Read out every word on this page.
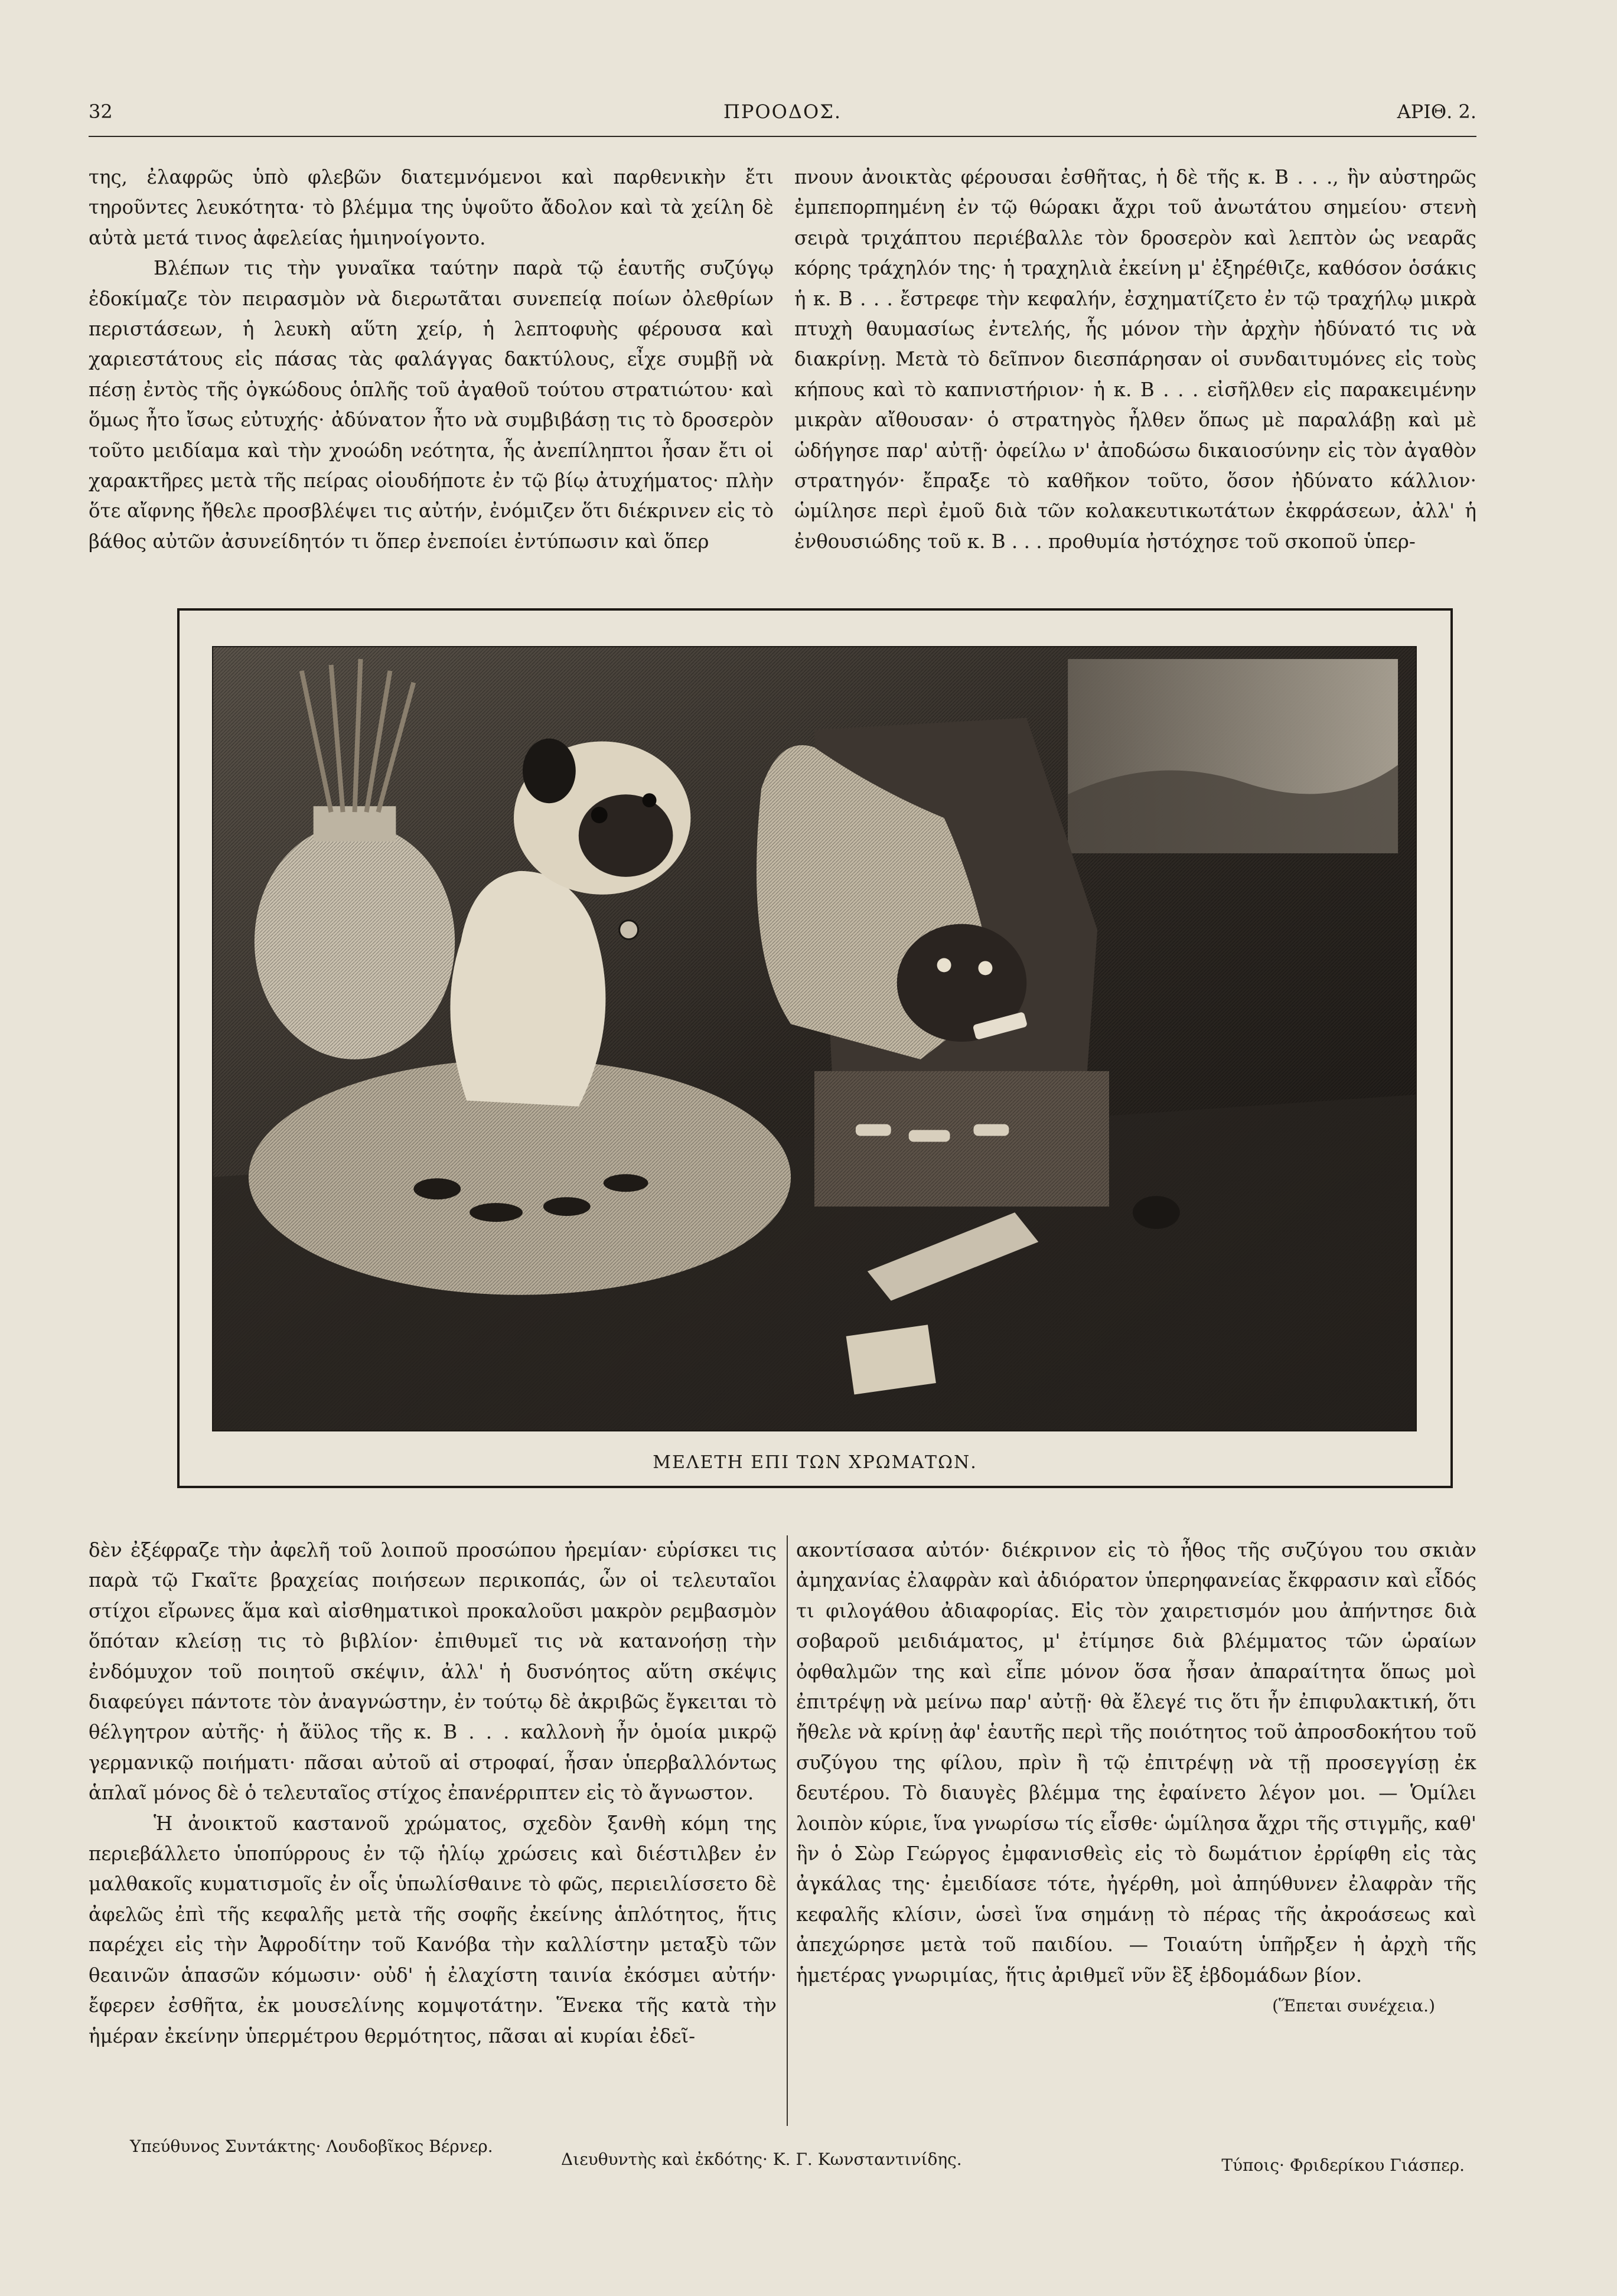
32	ΠΡΟΟΔΟΣ.	ΑΡΙΘ. 2.

της, ἐλαφρῶς ὑπὸ φλεβῶν διατεμνόμενοι καὶ παρθενικὴν ἔτι τηροῦντες λευκότητα· τὸ βλέμμα της ὑψοῦτο ἄδολον καὶ τὰ χείλη δὲ αὐτὰ μετά τινος ἀφελείας ἡμιηνοίγοντο.

Βλέπων τις τὴν γυναῖκα ταύτην παρὰ τῷ ἑαυτῆς συζύγῳ ἐδοκίμαζε τὸν πειρασμὸν νὰ διερωτᾶται συνεπείᾳ ποίων ὀλεθρίων περιστάσεων, ἡ λευκὴ αὕτη χείρ, ἡ λεπτοφυὴς φέρουσα καὶ χαριεστάτους εἰς πάσας τὰς φαλάγγας δακτύλους, εἶχε συμβῇ νὰ πέσῃ ἐντὸς τῆς ὀγκώδους ὁπλῆς τοῦ ἀγαθοῦ τούτου στρατιώτου· καὶ ὅμως ἦτο ἴσως εὐτυχής· ἀδύνατον ἦτο νὰ συμβιβάσῃ τις τὸ δροσερὸν τοῦτο μειδίαμα καὶ τὴν χνοώδη νεότητα, ἧς ἀνεπίληπτοι ἦσαν ἔτι οἱ χαρακτῆρες μετὰ τῆς πείρας οἱουδήποτε ἐν τῷ βίῳ ἀτυχήματος· πλὴν ὅτε αἴφνης ἤθελε προσβλέψει τις αὐτήν, ἐνόμιζεν ὅτι διέκρινεν εἰς τὸ βάθος αὐτῶν ἀσυνείδητόν τι ὅπερ ἐνεποίει ἐντύπωσιν καὶ ὅπερ

πνουν ἀνοικτὰς φέρουσαι ἐσθῆτας, ἡ δὲ τῆς κ. Β . . ., ἣν αὐστηρῶς ἐμπεπορπημένη ἐν τῷ θώρακι ἄχρι τοῦ ἀνωτάτου σημείου· στενὴ σειρὰ τριχάπτου περιέβαλλε τὸν δροσερὸν καὶ λεπτὸν ὡς νεαρᾶς κόρης τράχηλόν της· ἡ τραχηλιὰ ἐκείνη μ' ἐξηρέθιζε, καθόσον ὁσάκις ἡ κ. Β . . . ἔστρεφε τὴν κεφαλήν, ἐσχηματίζετο ἐν τῷ τραχήλῳ μικρὰ πτυχὴ θαυμασίως ἐντελής, ἧς μόνον τὴν ἀρχὴν ἠδύνατό τις νὰ διακρίνῃ. Μετὰ τὸ δεῖπνον διεσπάρησαν οἱ συνδαιτυμόνες εἰς τοὺς κήπους καὶ τὸ καπνιστήριον· ἡ κ. Β . . . εἰσῆλθεν εἰς παρακειμένην μικρὰν αἴθουσαν· ὁ στρατηγὸς ἦλθεν ὅπως μὲ παραλάβῃ καὶ μὲ ὡδήγησε παρ' αὐτῇ· ὀφείλω ν' ἀποδώσω δικαιοσύνην εἰς τὸν ἀγαθὸν στρατηγόν· ἔπραξε τὸ καθῆκον τοῦτο, ὅσον ἠδύνατο κάλλιον· ὡμίλησε περὶ ἐμοῦ διὰ τῶν κολακευτικωτάτων ἐκφράσεων, ἀλλ' ἡ ἐνθουσιώδης τοῦ κ. Β . . . προθυμία ἠστόχησε τοῦ σκοποῦ ὑπερ-

ΜΕΛΕΤΗ ΕΠΙ ΤΩΝ ΧΡΩΜΑΤΩΝ.

δὲν ἐξέφραζε τὴν ἀφελῆ τοῦ λοιποῦ προσώπου ἠρεμίαν· εὑρίσκει τις παρὰ τῷ Γκαῖτε βραχείας ποιήσεων περικοπάς, ὧν οἱ τελευταῖοι στίχοι εἴρωνες ἅμα καὶ αἰσθηματικοὶ προκαλοῦσι μακρὸν ρεμβασμὸν ὅπόταν κλείσῃ τις τὸ βιβλίον· ἐπιθυμεῖ τις νὰ κατανοήσῃ τὴν ἐνδόμυχον τοῦ ποιητοῦ σκέψιν, ἀλλ' ἡ δυσνόητος αὕτη σκέψις διαφεύγει πάντοτε τὸν ἀναγνώστην, ἐν τούτῳ δὲ ἀκριβῶς ἔγκειται τὸ θέλγητρον αὐτῆς· ἡ ἄϋλος τῆς κ. Β . . . καλλονὴ ἦν ὁμοία μικρῷ γερμανικῷ ποιήματι· πᾶσαι αὐτοῦ αἱ στροφαί, ἦσαν ὑπερβαλλόντως ἁπλαῖ μόνος δὲ ὁ τελευταῖος στίχος ἐπανέρριπτεν εἰς τὸ ἄγνωστον.

Ἡ ἀνοικτοῦ καστανοῦ χρώματος, σχεδὸν ξανθὴ κόμη της περιεβάλλετο ὑποπύρρους ἐν τῷ ἡλίῳ χρώσεις καὶ διέστιλβεν ἐν μαλθακοῖς κυματισμοῖς ἐν οἷς ὑπωλίσθαινε τὸ φῶς, περιειλίσσετο δὲ ἀφελῶς ἐπὶ τῆς κεφαλῆς μετὰ τῆς σοφῆς ἐκείνης ἁπλότητος, ἥτις παρέχει εἰς τὴν Ἀφροδίτην τοῦ Κανόβα τὴν καλλίστην μεταξὺ τῶν θεαινῶν ἁπασῶν κόμωσιν· οὐδ' ἡ ἐλαχίστη ταινία ἐκόσμει αὐτήν· ἔφερεν ἐσθῆτα, ἐκ μουσελίνης κομψοτάτην. Ἕνεκα τῆς κατὰ τὴν ἡμέραν ἐκείνην ὑπερμέτρου θερμότητος, πᾶσαι αἱ κυρίαι ἐδεῖ-

ακοντίσασα αὐτόν· διέκρινον εἰς τὸ ἦθος τῆς συζύγου του σκιὰν ἀμηχανίας ἐλαφρὰν καὶ ἀδιόρατον ὑπερηφανείας ἔκφρασιν καὶ εἶδός τι φιλογάθου ἀδιαφορίας. Εἰς τὸν χαιρετισμόν μου ἀπήντησε διὰ σοβαροῦ μειδιάματος, μ' ἐτίμησε διὰ βλέμματος τῶν ὡραίων ὀφθαλμῶν της καὶ εἶπε μόνον ὅσα ἦσαν ἀπαραίτητα ὅπως μοὶ ἐπιτρέψῃ νὰ μείνω παρ' αὐτῇ· θὰ ἔλεγέ τις ὅτι ἦν ἐπιφυλακτική, ὅτι ἤθελε νὰ κρίνῃ ἀφ' ἑαυτῆς περὶ τῆς ποιότητος τοῦ ἀπροσδοκήτου τοῦ συζύγου της φίλου, πρὶν ἢ τῷ ἐπιτρέψῃ νὰ τῇ προσεγγίσῃ ἐκ δευτέρου. Τὸ διαυγὲς βλέμμα της ἐφαίνετο λέγον μοι. — Ὁμίλει λοιπὸν κύριε, ἵνα γνωρίσω τίς εἶσθε· ὡμίλησα ἄχρι τῆς στιγμῆς, καθ' ἣν ὁ Σὼρ Γεώργος ἐμφανισθεὶς εἰς τὸ δωμάτιον ἐρρίφθη εἰς τὰς ἀγκάλας της· ἐμειδίασε τότε, ἠγέρθη, μοὶ ἀπηύθυνεν ἐλαφρὰν τῆς κεφαλῆς κλίσιν, ὡσεὶ ἵνα σημάνῃ τὸ πέρας τῆς ἀκροάσεως καὶ ἀπεχώρησε μετὰ τοῦ παιδίου. — Τοιαύτη ὑπῆρξεν ἡ ἀρχὴ τῆς ἡμετέρας γνωριμίας, ἥτις ἀριθμεῖ νῦν ἓξ ἑβδομάδων βίον.

(Ἕπεται συνέχεια.)

Υπεύθυνος Συντάκτης· Λουδοβῖκος Βέρνερ.
Διευθυντὴς καὶ ἐκδότης· Κ. Γ. Κωνσταντινίδης.	Τύποις· Φριδερίκου Γιάσπερ.
